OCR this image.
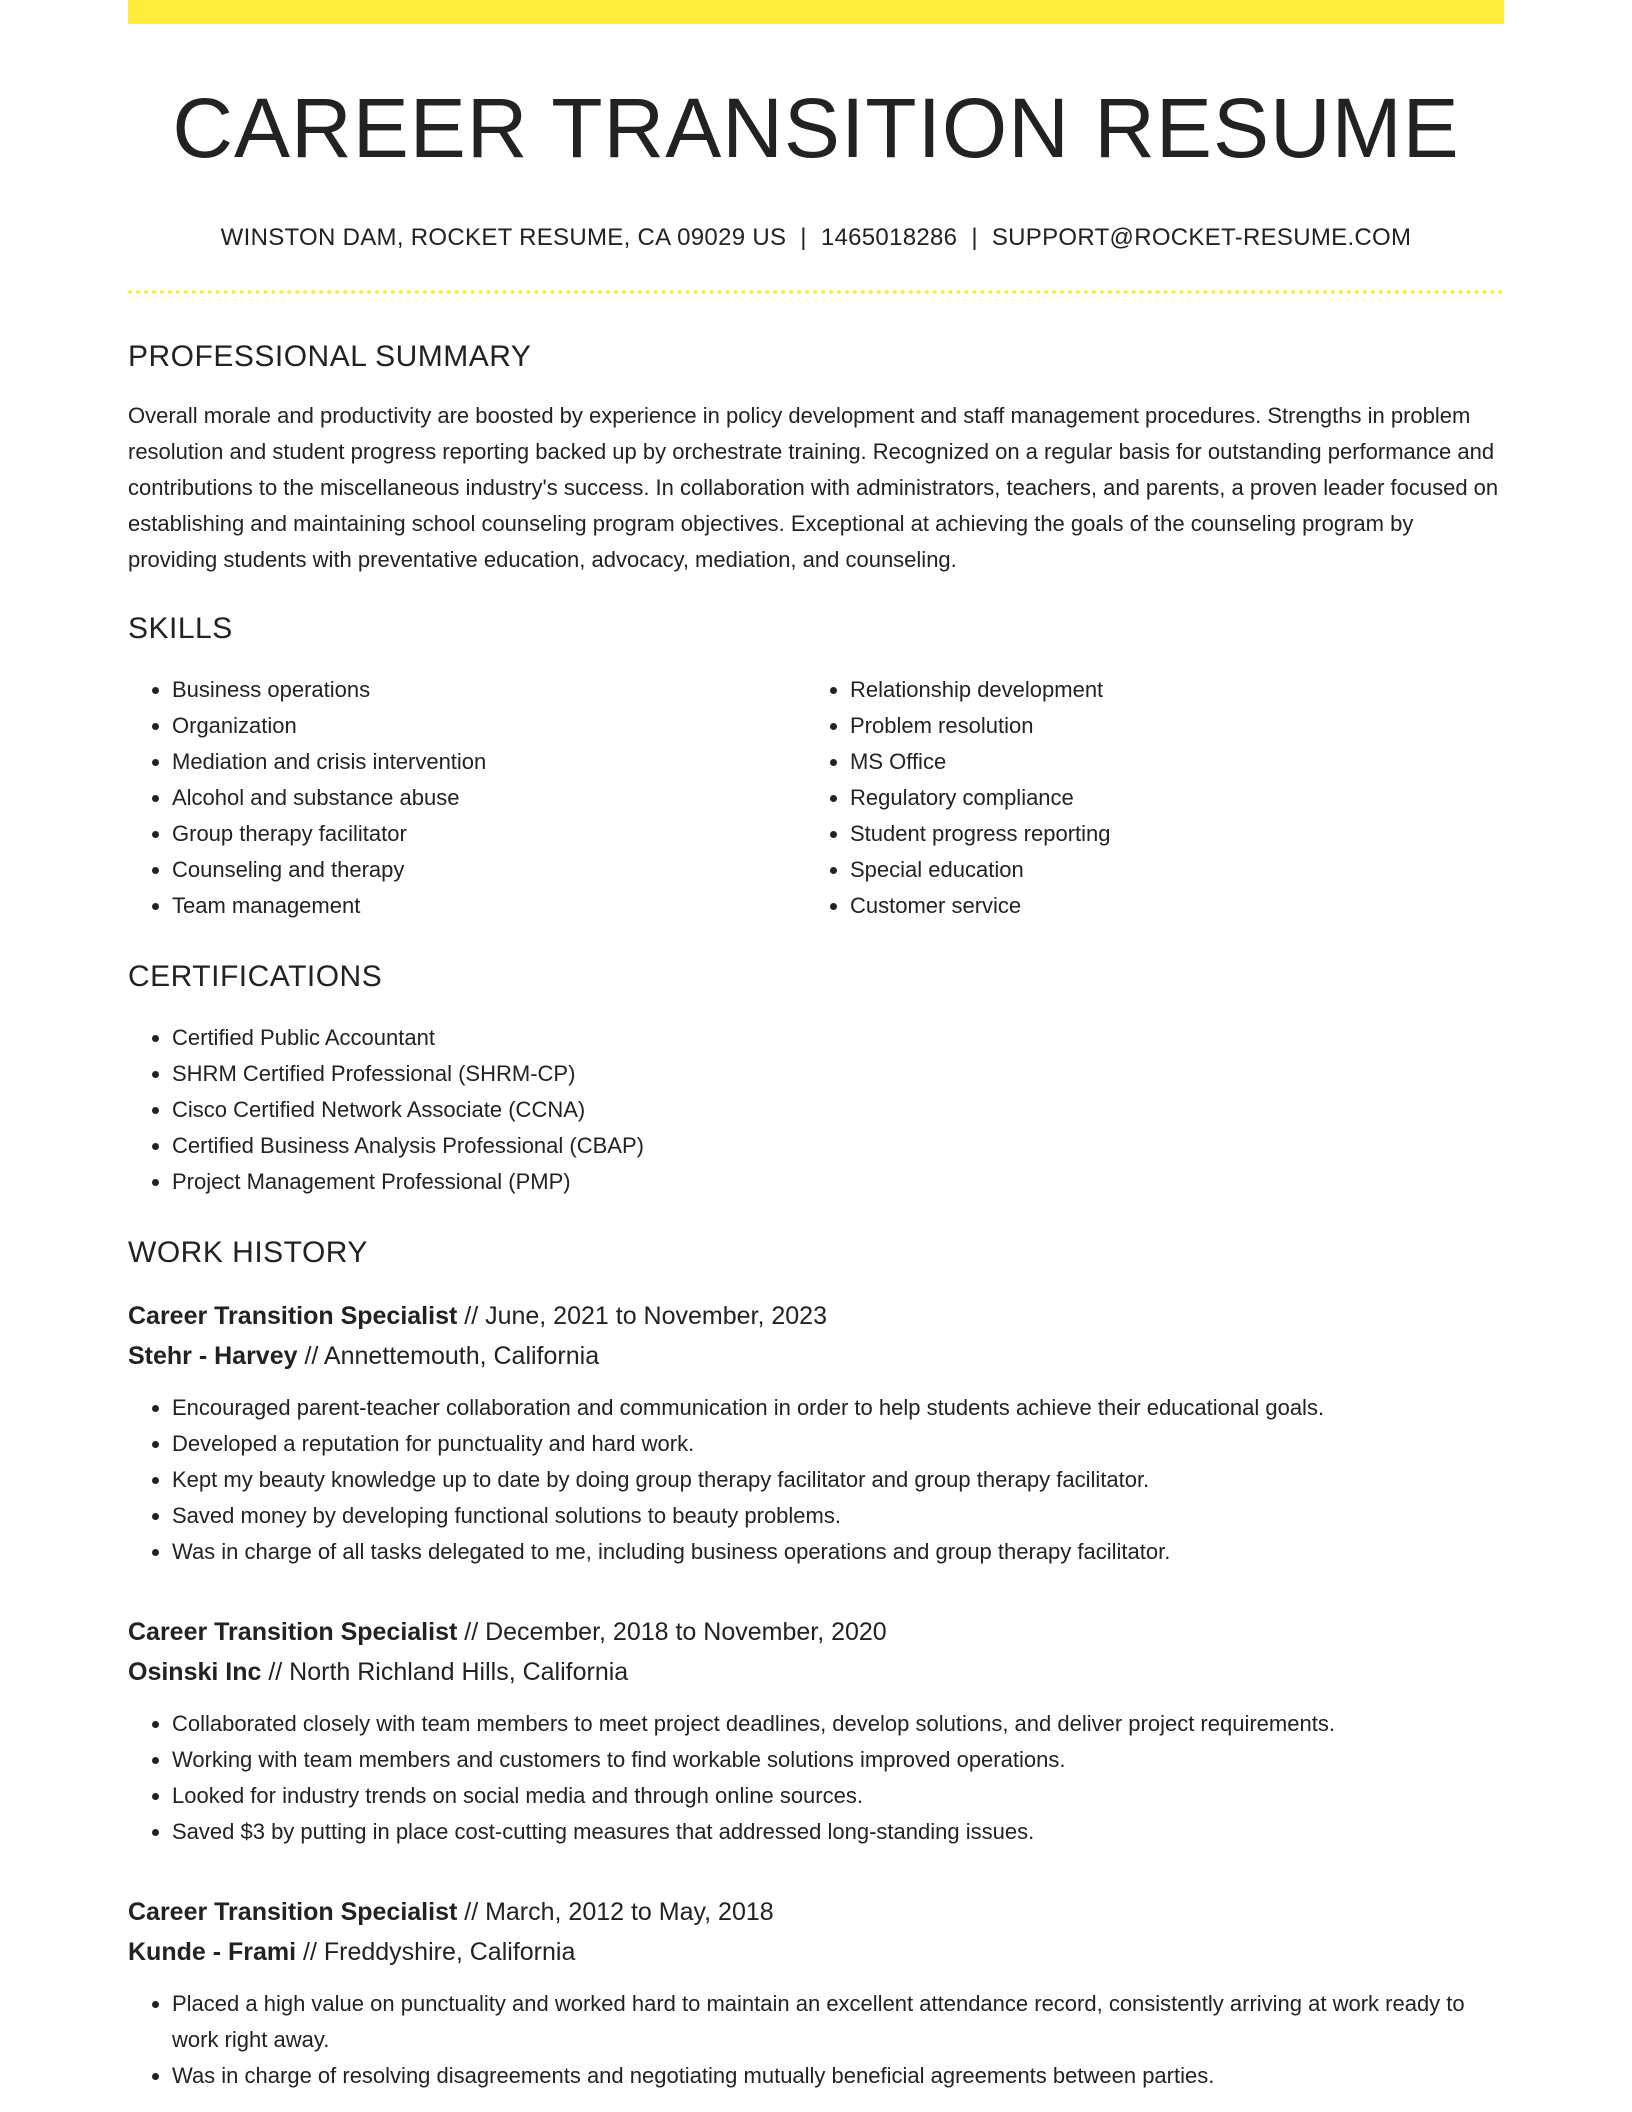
CAREER TRANSITION RESUME
WINSTON DAM, ROCKET RESUME, CA 09029 US | 1465018286 | SUPPORT@ROCKET-RESUME.COM
PROFESSIONAL SUMMARY

Overall morale and productivity are boosted by experience in policy development and staff management procedures. Strengths in problem resolution and student progress reporting backed up by orchestrate training. Recognized on a regular basis for outstanding performance and contributions to the miscellaneous industry's success. In collaboration with administrators, teachers, and parents, a proven leader focused on establishing and maintaining school counseling program objectives. Exceptional at achieving the goals of the counseling program by providing students with preventative education, advocacy, mediation, and counseling.

SKILLS
• Business operations
• Organization
• Mediation and crisis intervention
• Alcohol and substance abuse
• Group therapy facilitator
• Counseling and therapy
• Team management
• Relationship development
• Problem resolution
• MS Office
• Regulatory compliance
• Student progress reporting
• Special education
• Customer service
CERTIFICATIONS
• Certified Public Accountant
• SHRM Certified Professional (SHRM-CP)
• Cisco Certified Network Associate (CCNA)
• Certified Business Analysis Professional (CBAP)
• Project Management Professional (PMP)
WORK HISTORY
Career Transition Specialist // June, 2021 to November, 2023
Stehr - Harvey // Annettemouth, California
• Encouraged parent-teacher collaboration and communication in order to help students achieve their educational goals.
• Developed a reputation for punctuality and hard work.
• Kept my beauty knowledge up to date by doing group therapy facilitator and group therapy facilitator.
• Saved money by developing functional solutions to beauty problems.
• Was in charge of all tasks delegated to me, including business operations and group therapy facilitator.
Career Transition Specialist // December, 2018 to November, 2020
Osinski Inc // North Richland Hills, California
• Collaborated closely with team members to meet project deadlines, develop solutions, and deliver project requirements.
• Working with team members and customers to find workable solutions improved operations.
• Looked for industry trends on social media and through online sources.
• Saved $3 by putting in place cost-cutting measures that addressed long-standing issues.
Career Transition Specialist // March, 2012 to May, 2018
Kunde - Frami // Freddyshire, California
• Placed a high value on punctuality and worked hard to maintain an excellent attendance record, consistently arriving at work ready to work right away.
• Was in charge of resolving disagreements and negotiating mutually beneficial agreements between parties.
